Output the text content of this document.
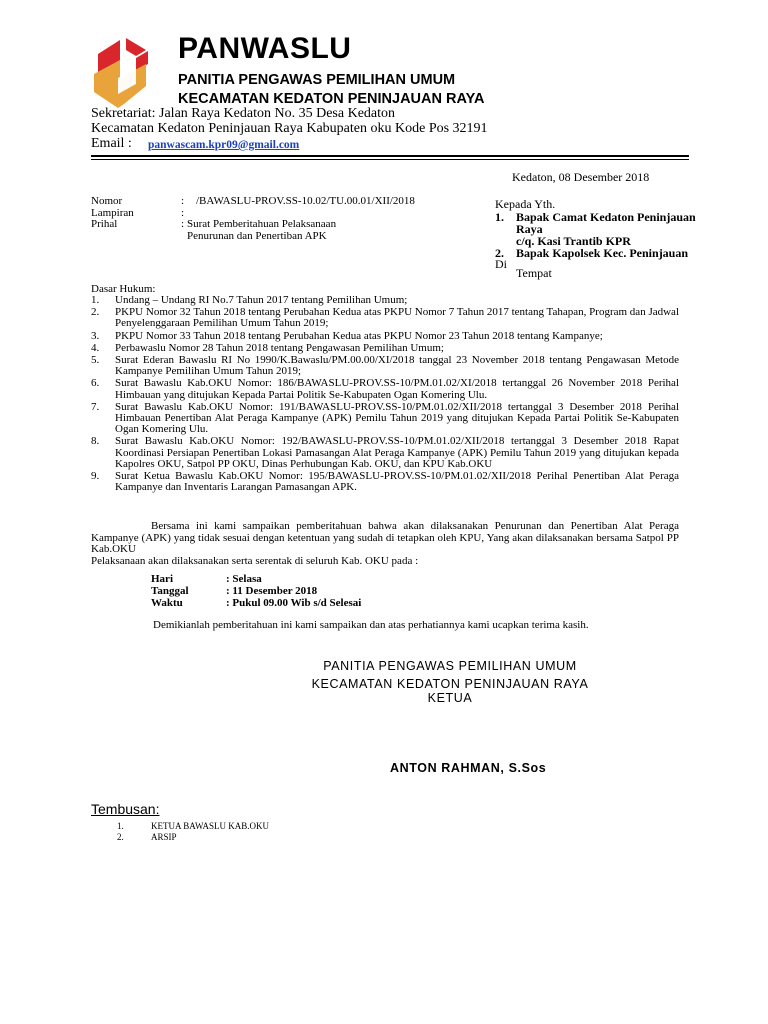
PANWASLU
PANITIA PENGAWAS PEMILIHAN UMUM
KECAMATAN KEDATON PENINJAUAN RAYA
Sekretariat: Jalan Raya Kedaton No. 35 Desa Kedaton
Kecamatan Kedaton Peninjauan Raya Kabupaten oku Kode Pos 32191
Email : panwascam.kpr09@gmail.com
Kedaton, 08 Desember 2018
Nomor	: /BAWASLU-PROV.SS-10.02/TU.00.01/XII/2018
Lampiran	:
Prihal	: Surat Pemberitahuan Pelaksanaan
Penurunan dan Penertiban APK
Kepada Yth.
1. Bapak Camat Kedaton Peninjauan
Raya
c/q. Kasi Trantib KPR
2. Bapak Kapolsek Kec. Peninjauan
Di
Tempat
Dasar Hukum:
1.	Undang – Undang RI No.7 Tahun 2017 tentang Pemilihan Umum;
2.	PKPU Nomor 32 Tahun 2018 tentang Perubahan Kedua atas PKPU Nomor 7 Tahun 2017 tentang Tahapan, Program dan Jadwal Penyelenggaraan Pemilihan Umum Tahun 2019;
3.	PKPU Nomor 33 Tahun 2018 tentang Perubahan Kedua atas PKPU Nomor 23 Tahun 2018 tentang Kampanye;
4.	Perbawaslu Nomor 28 Tahun 2018 tentang Pengawasan Pemilihan Umum;
5.	Surat Ederan Bawaslu RI No 1990/K.Bawaslu/PM.00.00/XI/2018 tanggal 23 November 2018 tentang Pengawasan Metode Kampanye Pemilihan Umum Tahun 2019;
6.	Surat Bawaslu Kab.OKU Nomor: 186/BAWASLU-PROV.SS-10/PM.01.02/XI/2018 tertanggal 26 November 2018 Perihal Himbauan yang ditujukan Kepada Partai Politik Se-Kabupaten Ogan Komering Ulu.
7.	Surat Bawaslu Kab.OKU Nomor: 191/BAWASLU-PROV.SS-10/PM.01.02/XII/2018 tertanggal 3 Desember 2018 Perihal Himbauan Penertiban Alat Peraga Kampanye (APK) Pemilu Tahun 2019 yang ditujukan Kepada Partai Politik Se-Kabupaten Ogan Komering Ulu.
8.	Surat Bawaslu Kab.OKU Nomor: 192/BAWASLU-PROV.SS-10/PM.01.02/XII/2018 tertanggal 3 Desember 2018 Rapat Koordinasi Persiapan Penertiban Lokasi Pamasangan Alat Peraga Kampanye (APK) Pemilu Tahun 2019 yang ditujukan kepada Kapolres OKU, Satpol PP OKU, Dinas Perhubungan Kab. OKU, dan KPU Kab.OKU
9.	Surat Ketua Bawaslu Kab.OKU Nomor: 195/BAWASLU-PROV.SS-10/PM.01.02/XII/2018 Perihal Penertiban Alat Peraga Kampanye dan Inventaris Larangan Pamasangan APK.
Bersama ini kami sampaikan pemberitahuan bahwa akan dilaksanakan Penurunan dan Penertiban Alat Peraga Kampanye (APK) yang tidak sesuai dengan ketentuan yang sudah di tetapkan oleh KPU, Yang akan dilaksanakan bersama Satpol PP Kab.OKU
Pelaksanaan akan dilaksanakan serta serentak di seluruh Kab. OKU pada :
Hari	: Selasa
Tanggal	: 11 Desember 2018
Waktu	: Pukul 09.00 Wib s/d Selesai
Demikianlah pemberitahuan ini kami sampaikan dan atas perhatiannya kami ucapkan terima kasih.
PANITIA PENGAWAS PEMILIHAN UMUM
KECAMATAN KEDATON PENINJAUAN RAYA
KETUA
ANTON RAHMAN, S.Sos
Tembusan:
1.	KETUA BAWASLU KAB.OKU
2.	ARSIP
